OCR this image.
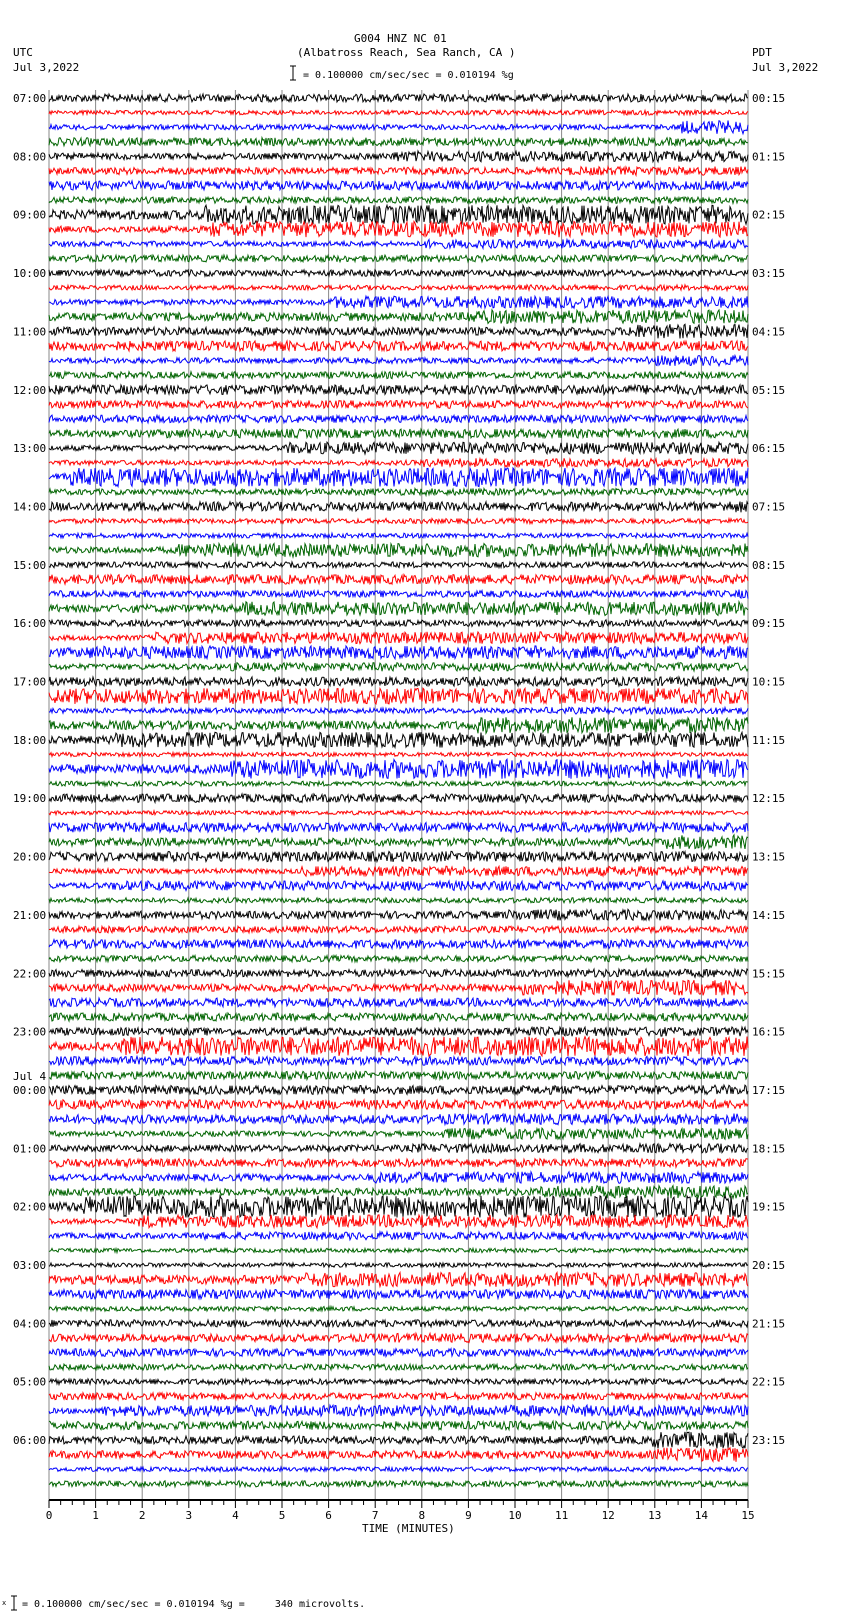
G004 HNZ NC 01
(Albatross Reach, Sea Ranch, CA )
UTC
Jul 3,2022
PDT
Jul 3,2022
= 0.100000 cm/sec/sec = 0.010194 %g
x = 0.100000 cm/sec/sec = 0.010194 %g =     340 microvolts.
TIME (MINUTES)
07:00	00:15
08:00	01:15
09:00	02:15
10:00	03:15
11:00	04:15
12:00	05:15
13:00	06:15
14:00	07:15
15:00	08:15
16:00	09:15
17:00	10:15
18:00	11:15
19:00	12:15
20:00	13:15
21:00	14:15
22:00	15:15
23:00	16:15
00:00	17:15
Jul 4
01:00	18:15
02:00	19:15
03:00	20:15
04:00	21:15
05:00	22:15
06:00	23:15
0	1	2	3	4	5	6	7	8	9	10	11	12	13	14	15
